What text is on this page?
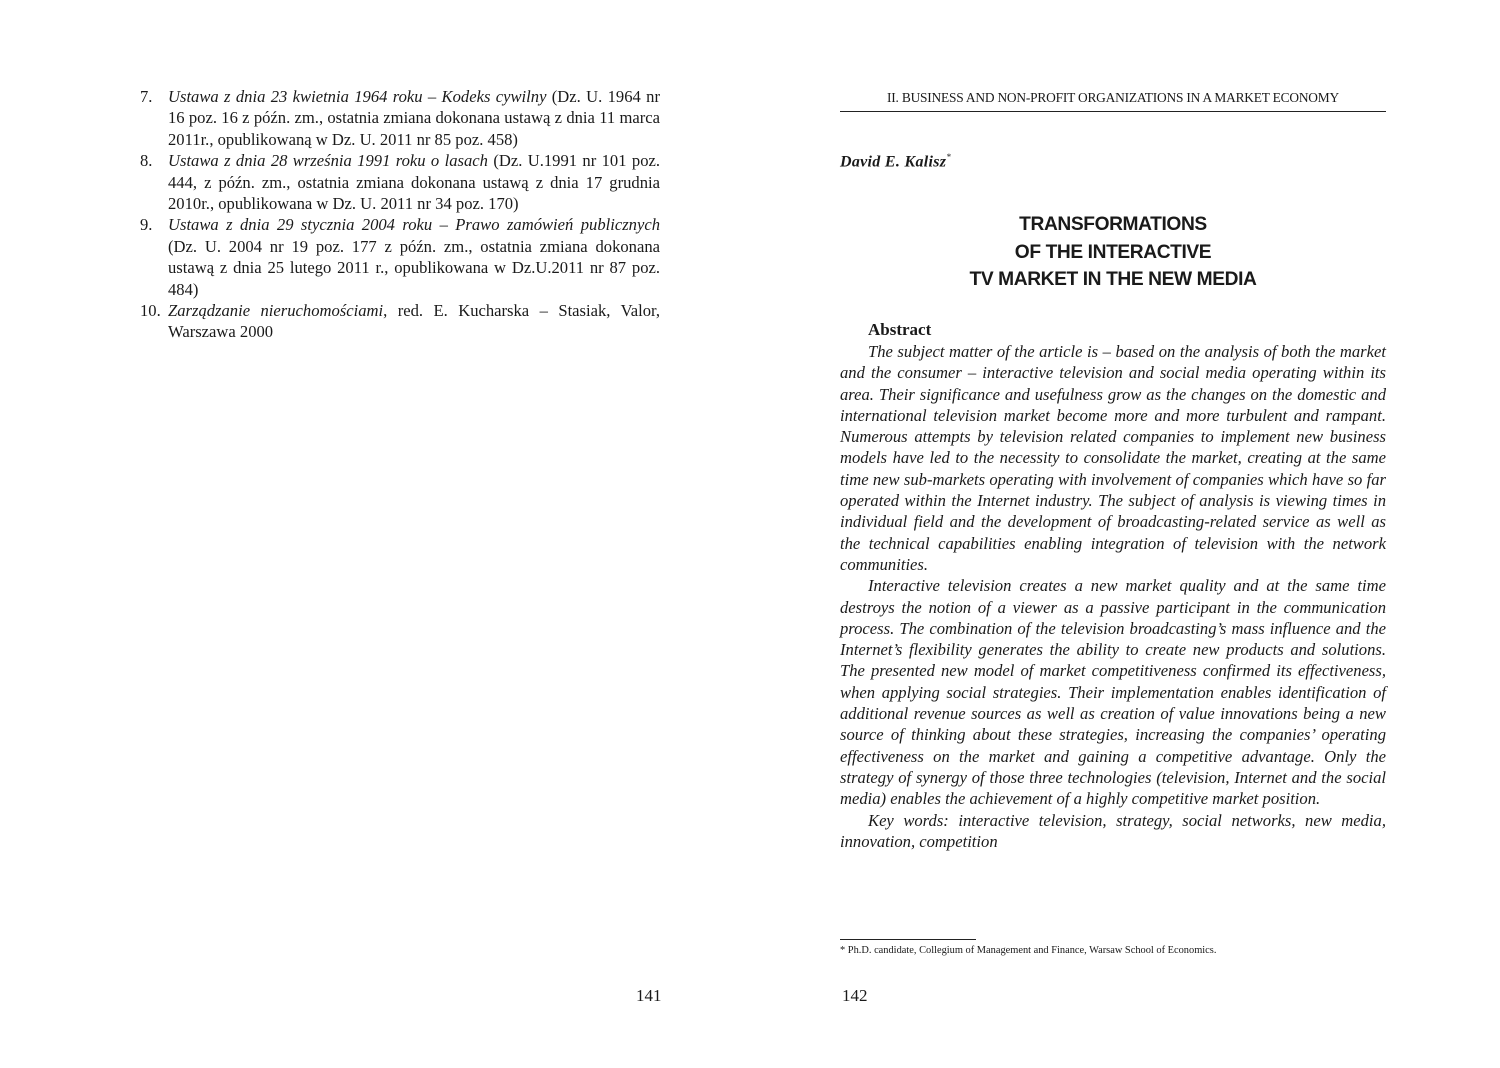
7. Ustawa z dnia 23 kwietnia 1964 roku – Kodeks cywilny (Dz. U. 1964 nr 16 poz. 16 z późn. zm., ostatnia zmiana dokonana ustawą z dnia 11 marca 2011r., opublikowaną w Dz. U. 2011 nr 85 poz. 458)
8. Ustawa z dnia 28 września 1991 roku o lasach (Dz. U.1991 nr 101 poz. 444, z późn. zm., ostatnia zmiana dokonana ustawą z dnia 17 grudnia 2010r., opublikowana w Dz. U. 2011 nr 34 poz. 170)
9. Ustawa z dnia 29 stycznia 2004 roku – Prawo zamówień publicznych (Dz. U. 2004 nr 19 poz. 177 z późn. zm., ostatnia zmiana dokonana ustawą z dnia 25 lutego 2011 r., opublikowana w Dz.U.2011 nr 87 poz. 484)
10. Zarządzanie nieruchomościami, red. E. Kucharska – Stasiak, Valor, Warszawa 2000
141
II. BUSINESS AND NON-PROFIT ORGANIZATIONS IN A MARKET ECONOMY
David E. Kalisz*
TRANSFORMATIONS
OF THE INTERACTIVE
TV MARKET IN THE NEW MEDIA
Abstract

The subject matter of the article is – based on the analysis of both the market and the consumer – interactive television and social media operating within its area. Their significance and usefulness grow as the changes on the domestic and international television market become more and more turbulent and rampant. Numerous attempts by television related companies to implement new business models have led to the necessity to consolidate the market, creating at the same time new sub-markets operating with involvement of companies which have so far operated within the Internet industry. The subject of analysis is viewing times in individual field and the development of broadcasting-related service as well as the technical capabilities enabling integration of television with the network communities.

Interactive television creates a new market quality and at the same time destroys the notion of a viewer as a passive participant in the communication process. The combination of the television broadcasting’s mass influence and the Internet’s flexibility generates the ability to create new products and solutions. The presented new model of market competitiveness confirmed its effectiveness, when applying social strategies. Their implementation enables identification of additional revenue sources as well as creation of value innovations being a new source of thinking about these strategies, increasing the companies’ operating effectiveness on the market and gaining a competitive advantage. Only the strategy of synergy of those three technologies (television, Internet and the social media) enables the achievement of a highly competitive market position.

Key words: interactive television, strategy, social networks, new media, innovation, competition

* Ph.D. candidate, Collegium of Management and Finance, Warsaw School of Economics.
142
